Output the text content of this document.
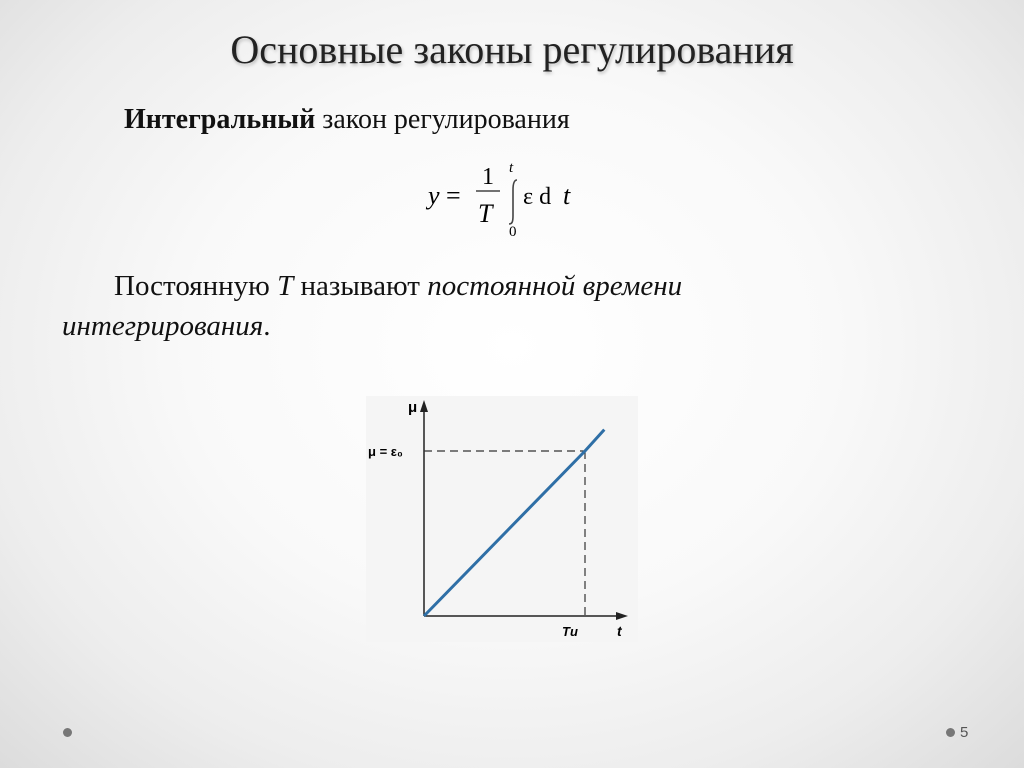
Основные законы регулирования
Интегральный закон регулирования
y =
1
T
t
0
ε d t
Постоянную T называют постоянной времени интегрирования.
μ
μ = ε₀
Tи	t
5
